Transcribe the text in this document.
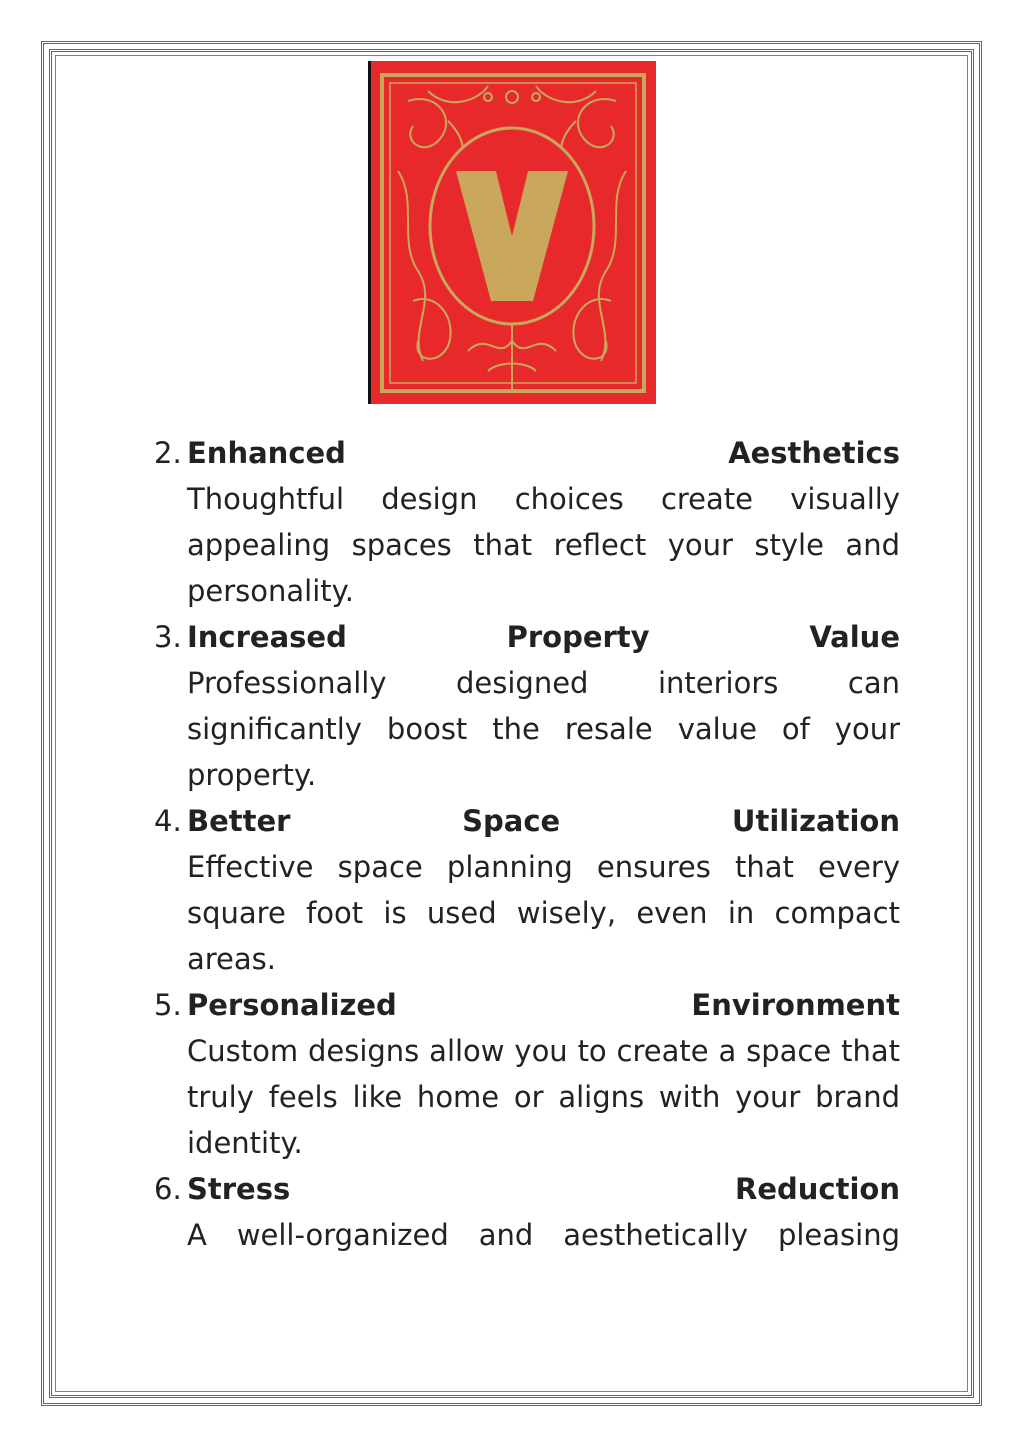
2. Enhanced	Aesthetics

Thoughtful design choices create visually appealing spaces that reflect your style and personality.

3. Increased	Property	Value

Professionally designed interiors can significantly boost the resale value of your property.

4. Better	Space	Utilization

Effective space planning ensures that every square foot is used wisely, even in compact areas.

5. Personalized	Environment

Custom designs allow you to create a space that truly feels like home or aligns with your brand identity.

6. Stress	Reduction

A well-organized and aesthetically pleasing
